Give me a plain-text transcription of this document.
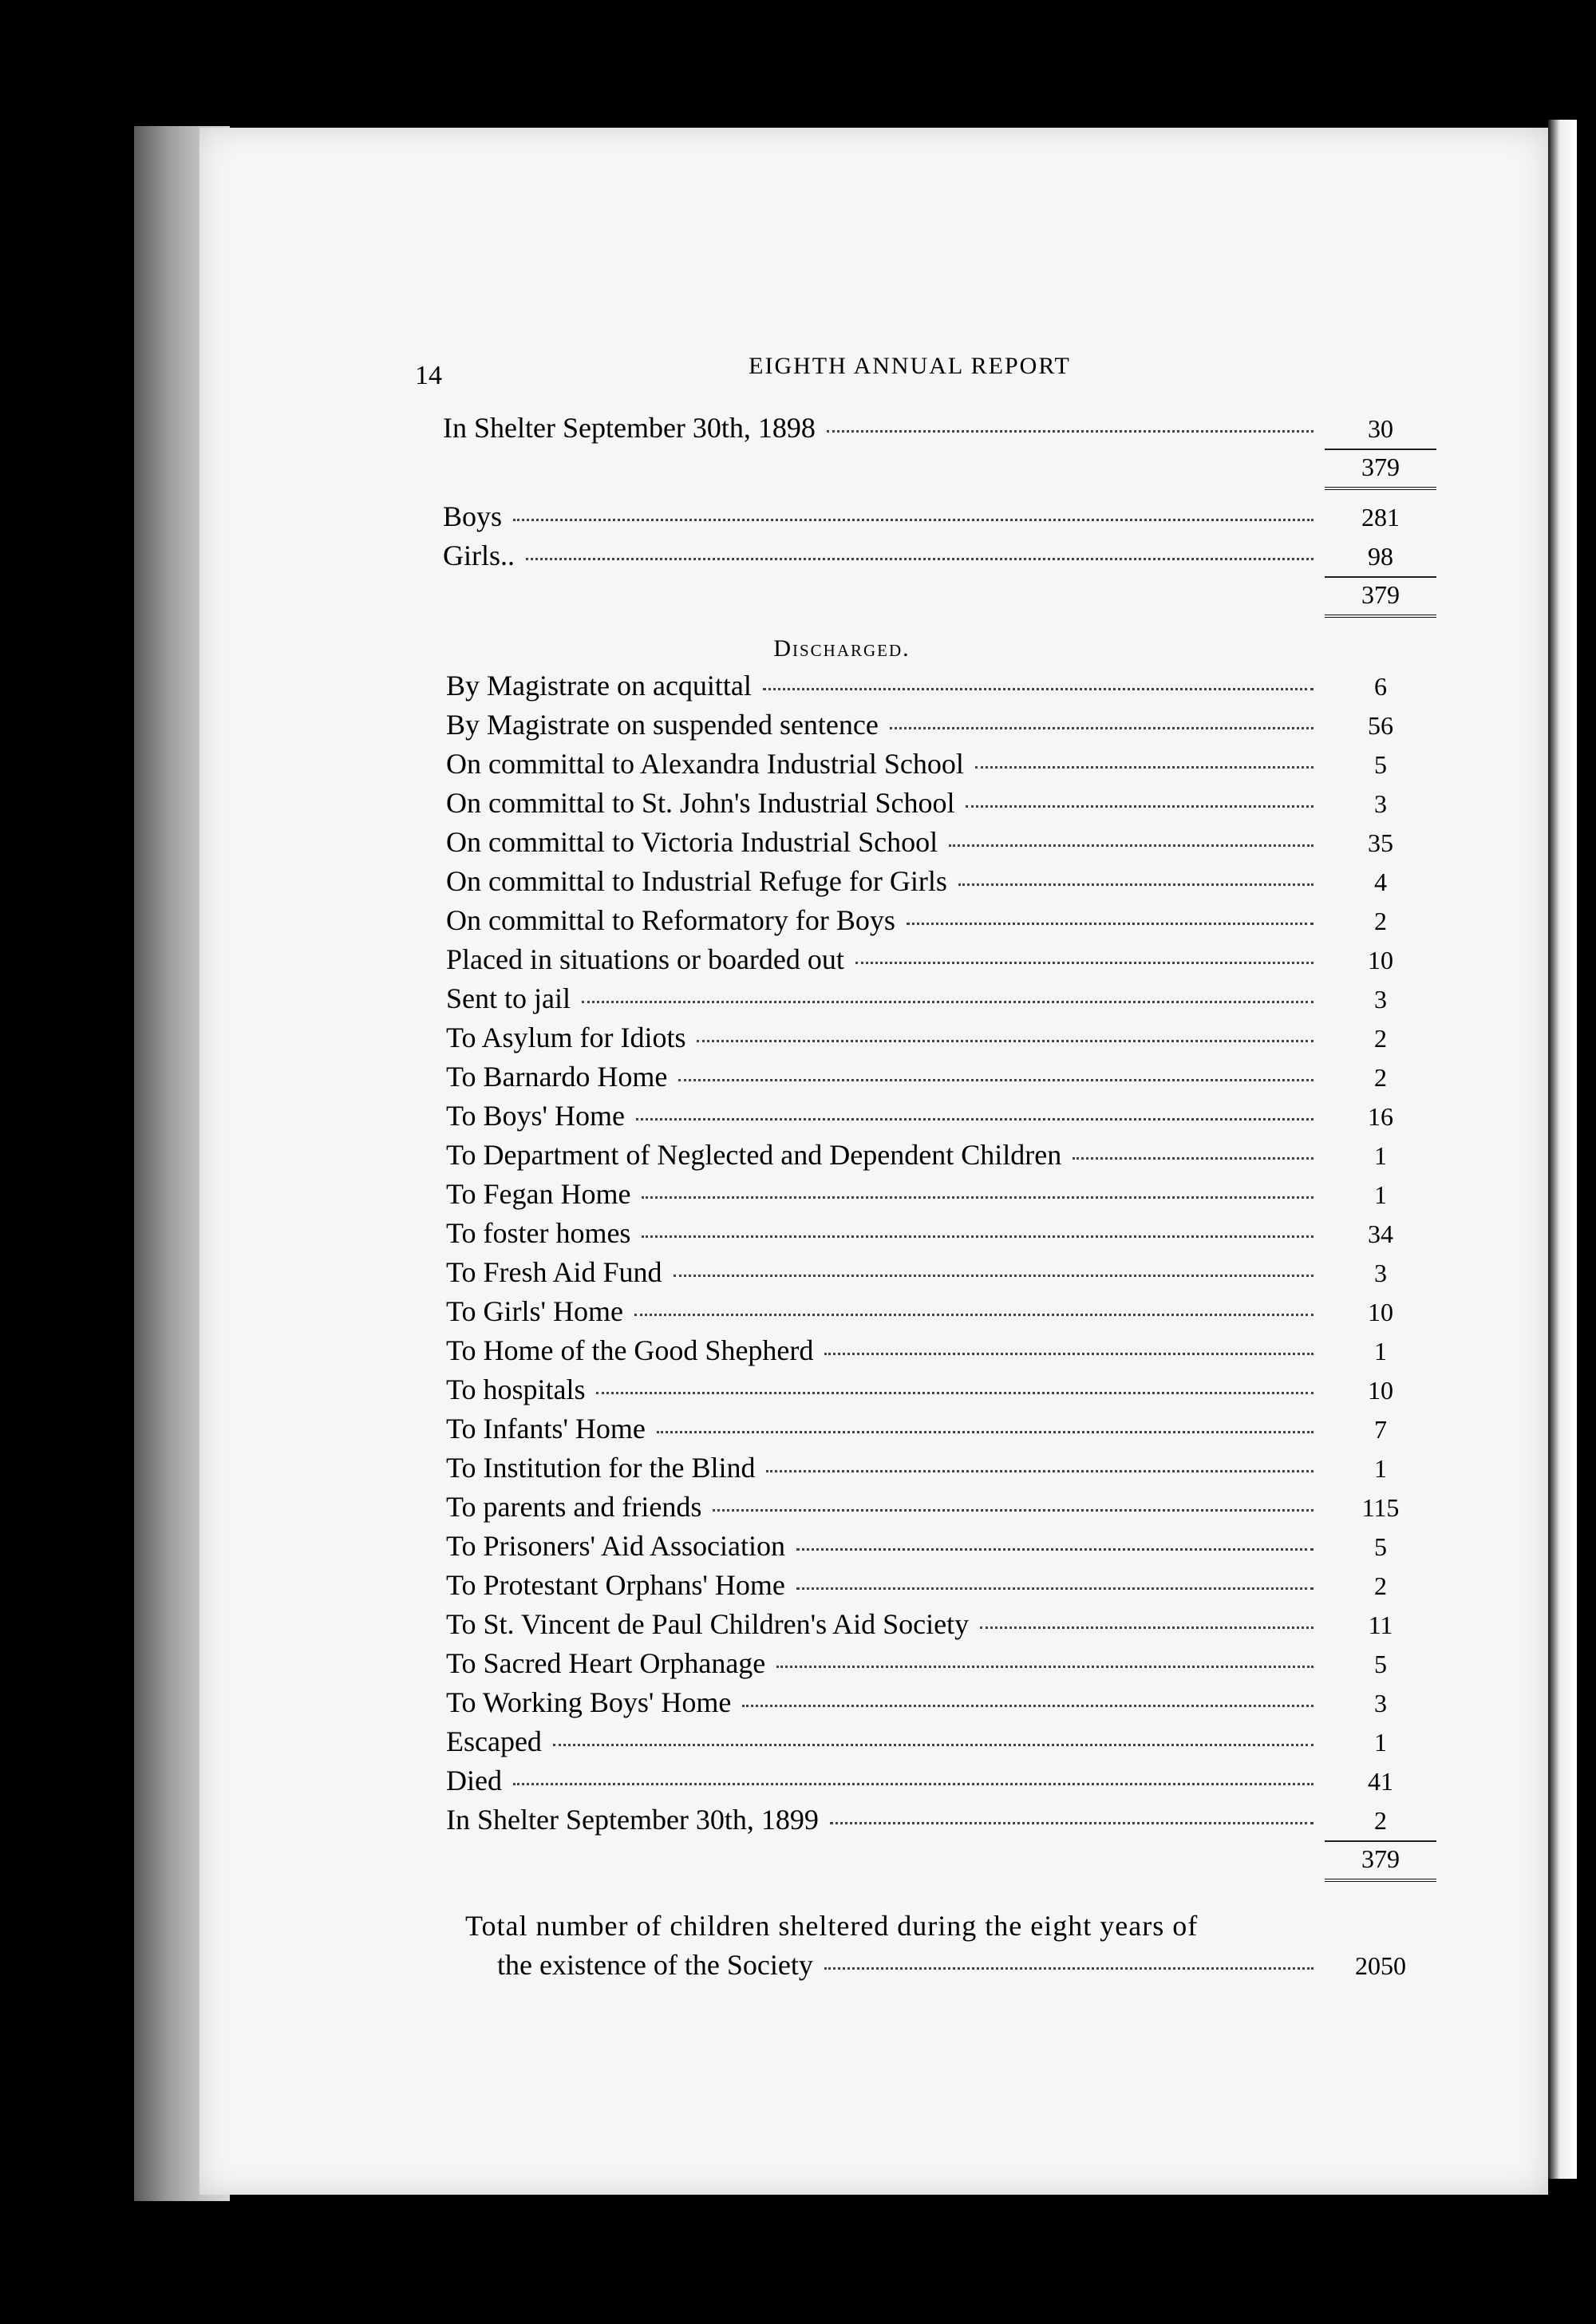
14	EIGHTH ANNUAL REPORT
In Shelter September 30th, 1898	30
379
Boys	281
Girls..	98
379
Discharged.
By Magistrate on acquittal	6
By Magistrate on suspended sentence	56
On committal to Alexandra Industrial School	5
On committal to St. John's Industrial School	3
On committal to Victoria Industrial School	35
On committal to Industrial Refuge for Girls	4
On committal to Reformatory for Boys	2
Placed in situations or boarded out	10
Sent to jail	3
To Asylum for Idiots	2
To Barnardo Home	2
To Boys' Home	16
To Department of Neglected and Dependent Children	1
To Fegan Home	1
To foster homes	34
To Fresh Aid Fund	3
To Girls' Home	10
To Home of the Good Shepherd	1
To hospitals	10
To Infants' Home	7
To Institution for the Blind	1
To parents and friends	115
To Prisoners' Aid Association	5
To Protestant Orphans' Home	2
To St. Vincent de Paul Children's Aid Society	11
To Sacred Heart Orphanage	5
To Working Boys' Home	3
Escaped	1
Died	41
In Shelter September 30th, 1899	2
379
Total number of children sheltered during the eight years of
the existence of the Society	2050
